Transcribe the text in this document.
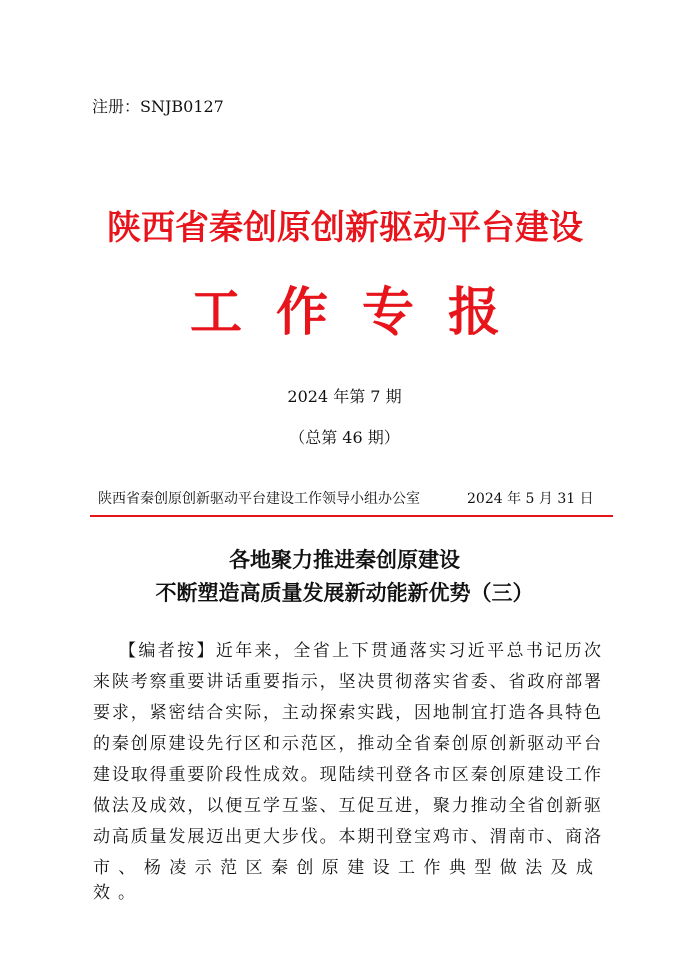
注册：SNJB0127
陕西省秦创原创新驱动平台建设
工作专报
2024 年第 7 期
（总第 46 期）
陕西省秦创原创新驱动平台建设工作领导小组办公室	2024 年 5 月 31 日
各地聚力推进秦创原建设
不断塑造高质量发展新动能新优势（三）
【编者按】近年来，全省上下贯通落实习近平总书记历次
来陕考察重要讲话重要指示，坚决贯彻落实省委、省政府部署
要求，紧密结合实际，主动探索实践，因地制宜打造各具特色
的秦创原建设先行区和示范区，推动全省秦创原创新驱动平台
建设取得重要阶段性成效。现陆续刊登各市区秦创原建设工作
做法及成效，以便互学互鉴、互促互进，聚力推动全省创新驱
动高质量发展迈出更大步伐。本期刊登宝鸡市、渭南市、商洛
市、杨凌示范区秦创原建设工作典型做法及成效。
